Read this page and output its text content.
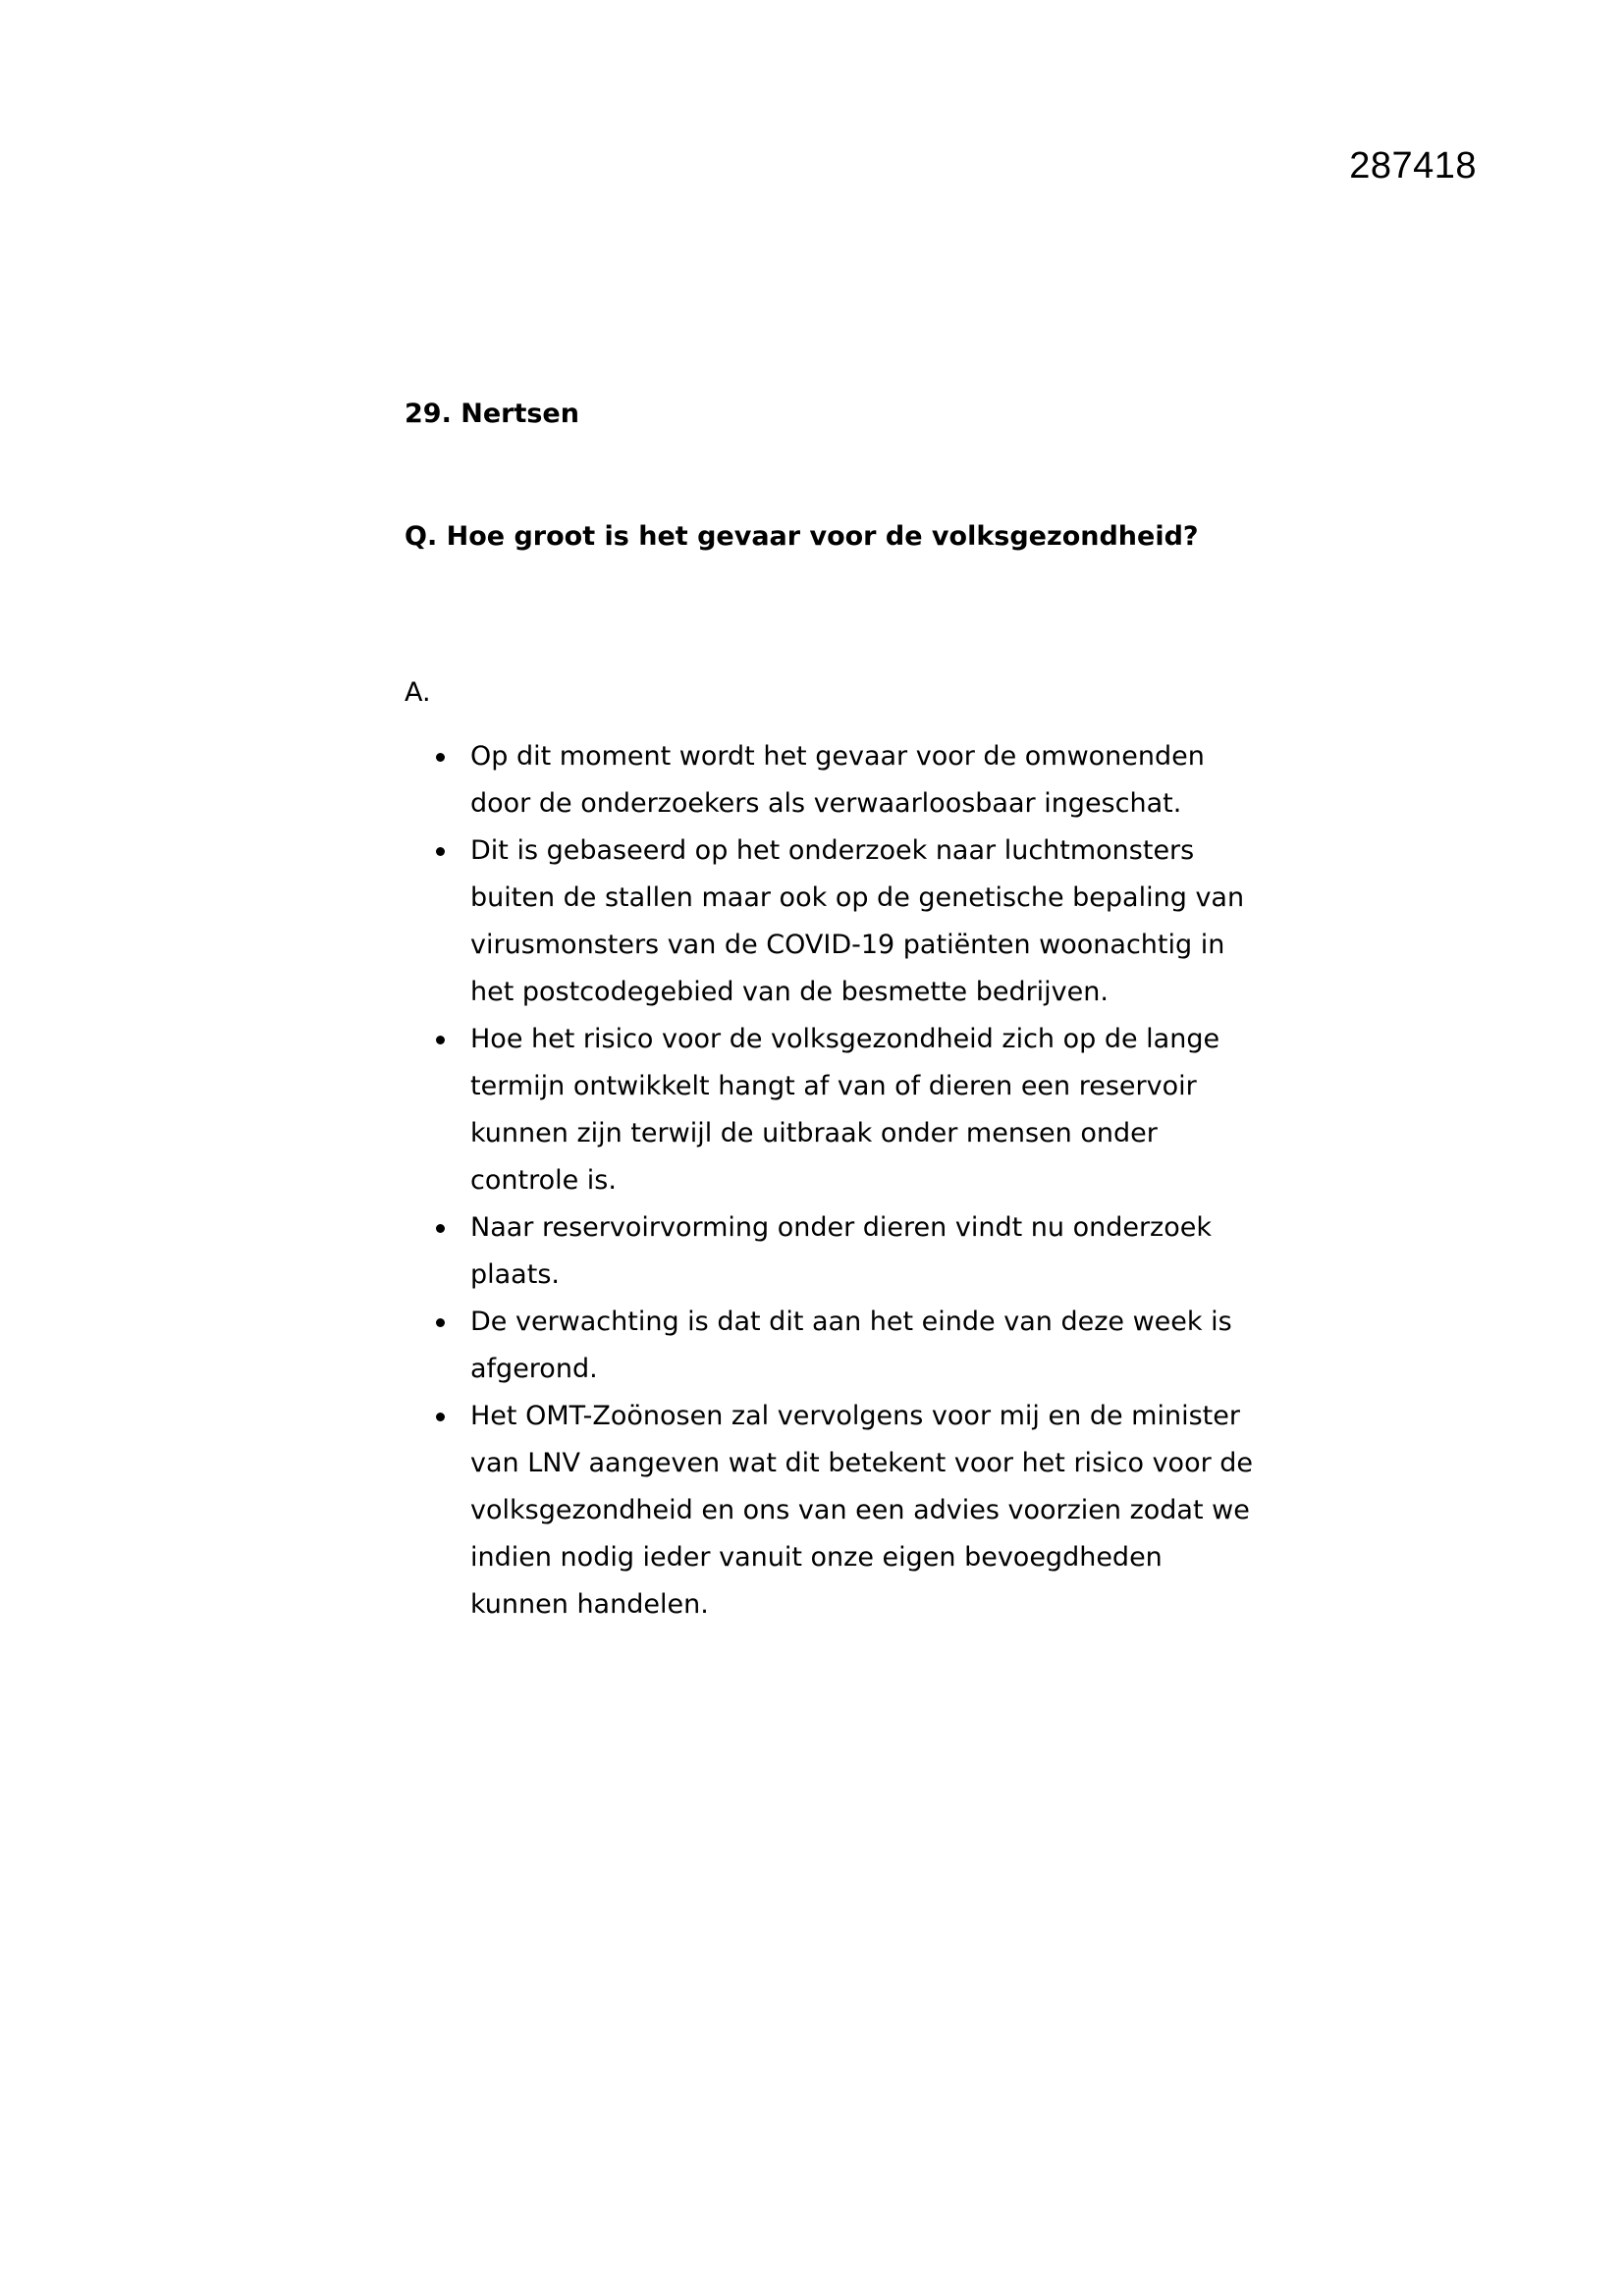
287418
29. Nertsen
Q. Hoe groot is het gevaar voor de volksgezondheid?

A.

Op dit moment wordt het gevaar voor de omwonenden
door de onderzoekers als verwaarloosbaar ingeschat.
Dit is gebaseerd op het onderzoek naar luchtmonsters
buiten de stallen maar ook op de genetische bepaling van
virusmonsters van de COVID-19 patiënten woonachtig in
het postcodegebied van de besmette bedrijven.
Hoe het risico voor de volksgezondheid zich op de lange
termijn ontwikkelt hangt af van of dieren een reservoir
kunnen zijn terwijl de uitbraak onder mensen onder
controle is.
Naar reservoirvorming onder dieren vindt nu onderzoek
plaats.
De verwachting is dat dit aan het einde van deze week is
afgerond.
Het OMT-Zoönosen zal vervolgens voor mij en de minister
van LNV aangeven wat dit betekent voor het risico voor de
volksgezondheid en ons van een advies voorzien zodat we
indien nodig ieder vanuit onze eigen bevoegdheden
kunnen handelen.
